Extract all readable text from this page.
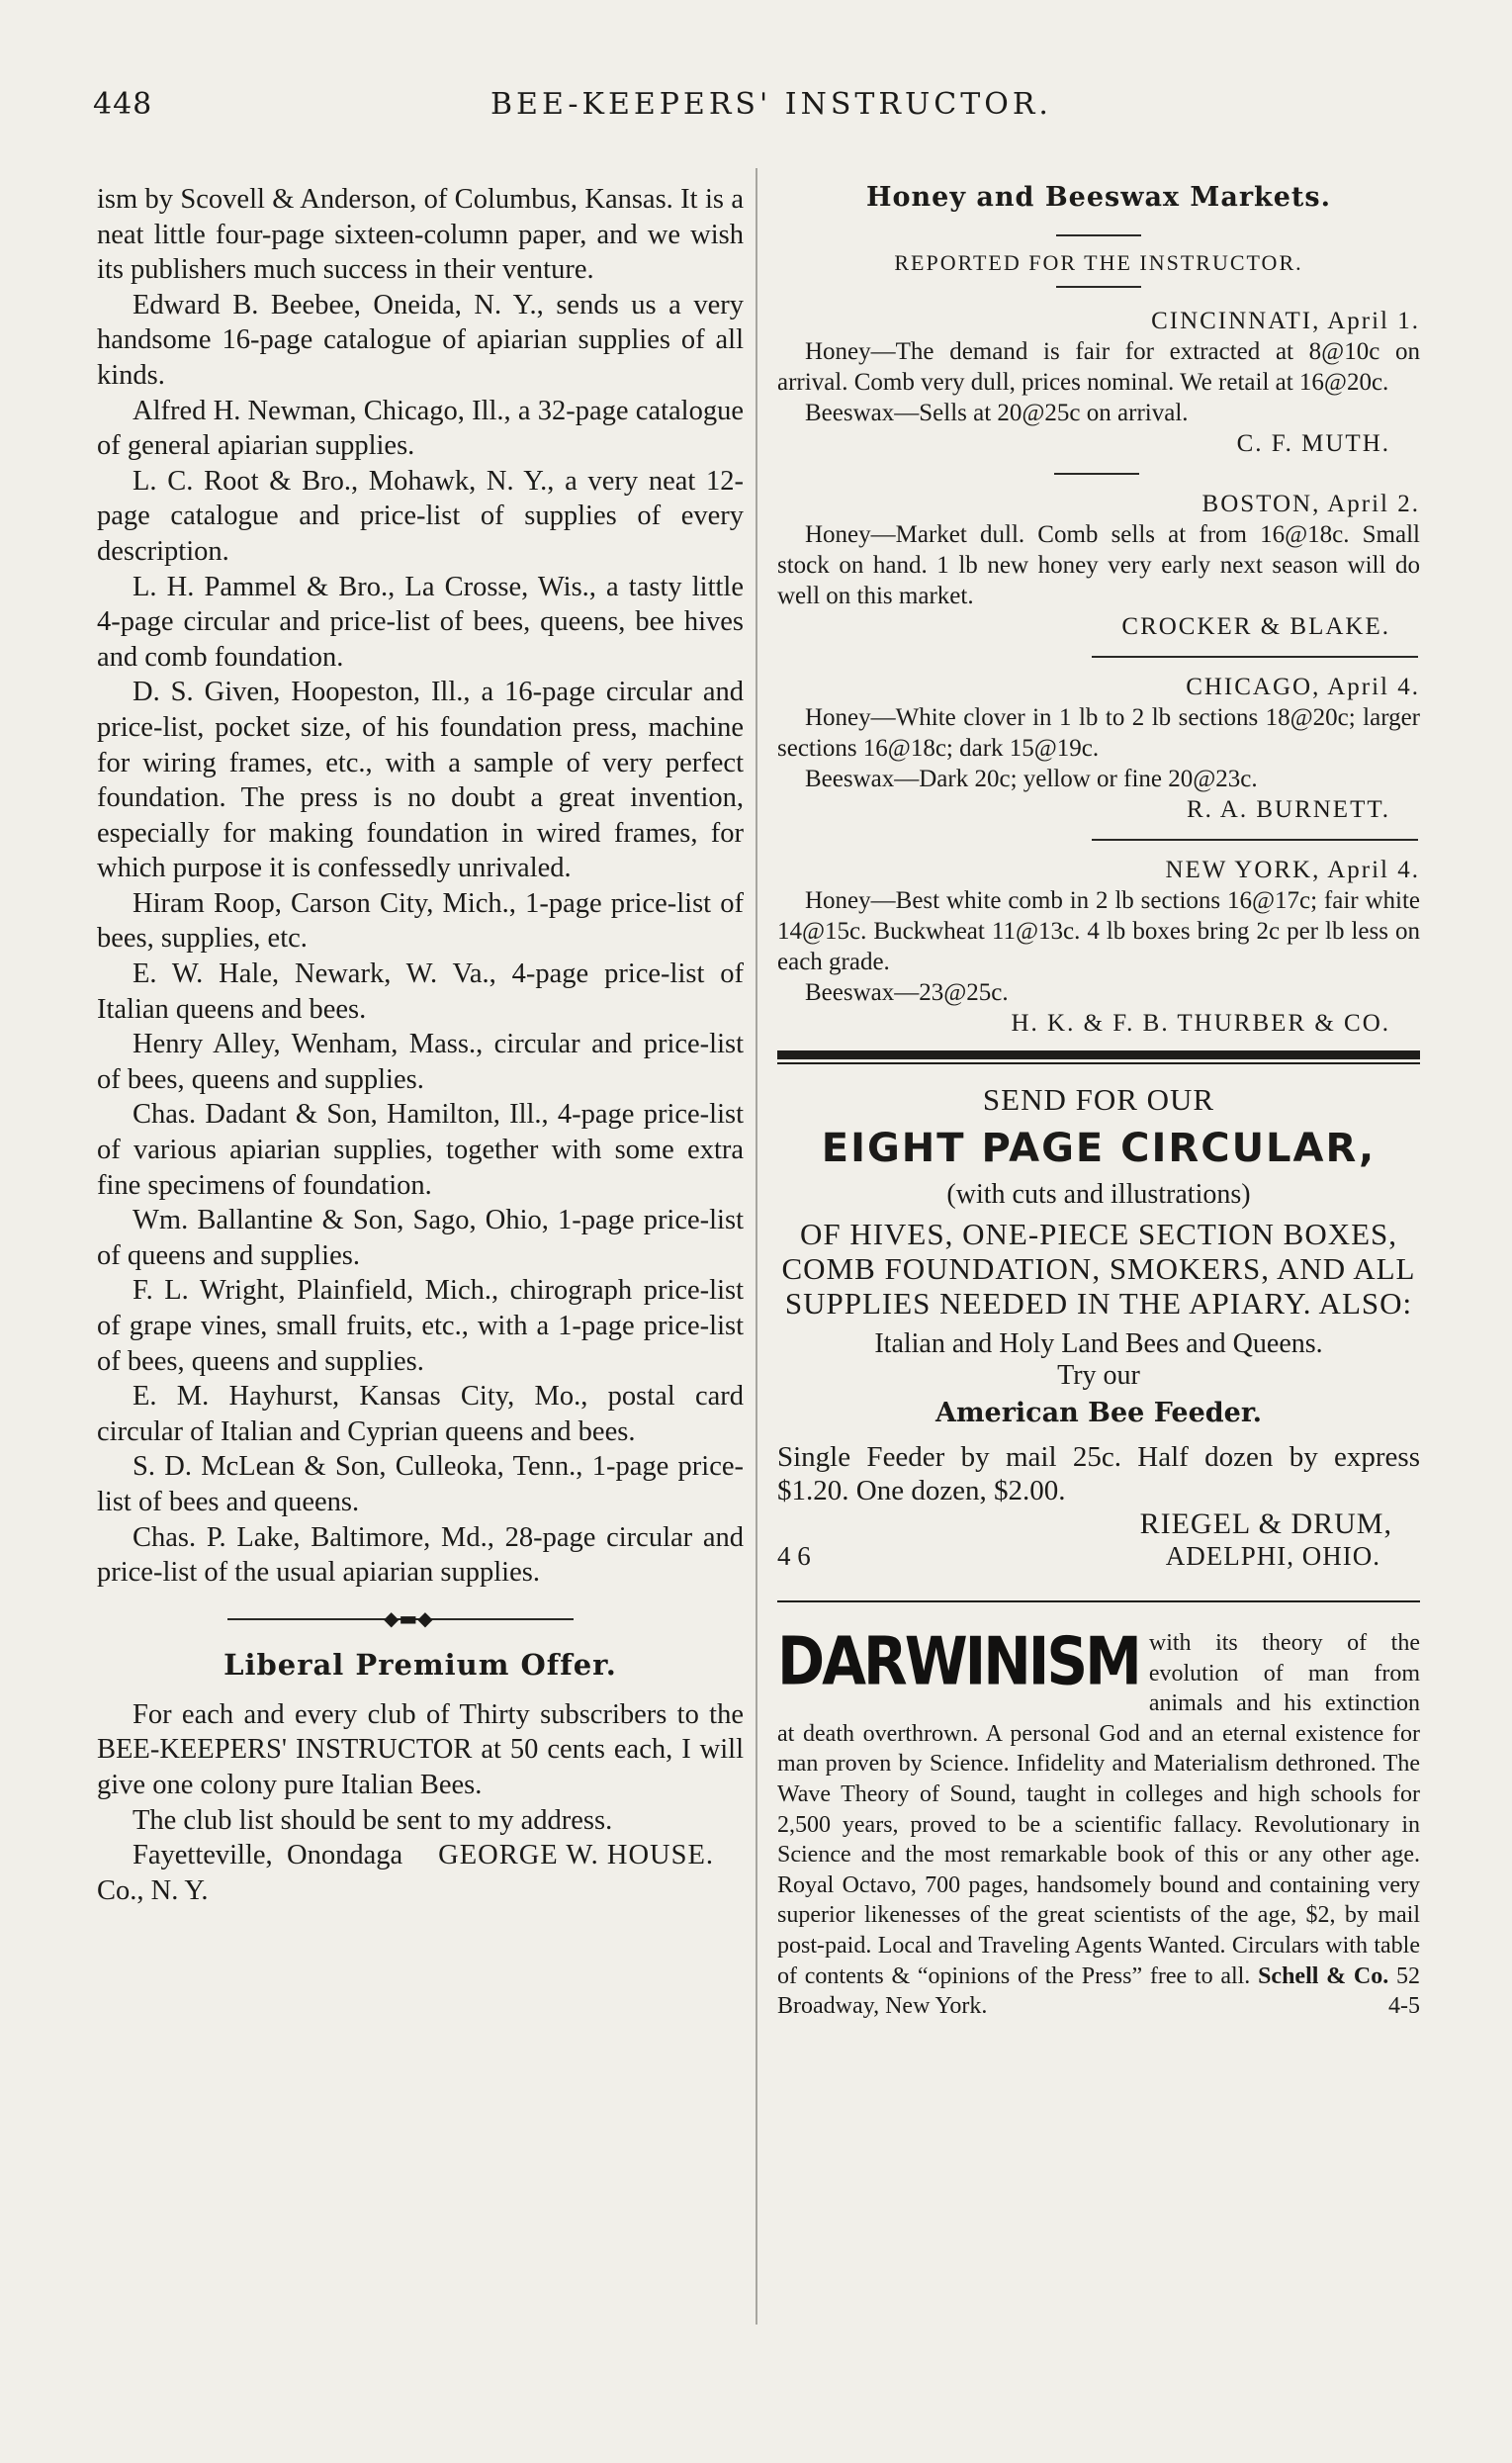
448	BEE-KEEPERS' INSTRUCTOR.

ism by Scovell & Anderson, of Columbus, Kansas. It is a neat little four-page sixteen-column paper, and we wish its publishers much success in their venture.

Edward B. Beebee, Oneida, N. Y., sends us a very handsome 16-page catalogue of apiarian supplies of all kinds.

Alfred H. Newman, Chicago, Ill., a 32-page catalogue of general apiarian supplies.

L. C. Root & Bro., Mohawk, N. Y., a very neat 12-page catalogue and price-list of supplies of every description.

L. H. Pammel & Bro., La Crosse, Wis., a tasty little 4-page circular and price-list of bees, queens, bee hives and comb foundation.

D. S. Given, Hoopeston, Ill., a 16-page circular and price-list, pocket size, of his foundation press, machine for wiring frames, etc., with a sample of very perfect foundation. The press is no doubt a great invention, especially for making foundation in wired frames, for which purpose it is confessedly unrivaled.

Hiram Roop, Carson City, Mich., 1-page price-list of bees, supplies, etc.

E. W. Hale, Newark, W. Va., 4-page price-list of Italian queens and bees.

Henry Alley, Wenham, Mass., circular and price-list of bees, queens and supplies.

Chas. Dadant & Son, Hamilton, Ill., 4-page price-list of various apiarian supplies, together with some extra fine specimens of foundation.

Wm. Ballantine & Son, Sago, Ohio, 1-page price-list of queens and supplies.

F. L. Wright, Plainfield, Mich., chirograph price-list of grape vines, small fruits, etc., with a 1-page price-list of bees, queens and supplies.

E. M. Hayhurst, Kansas City, Mo., postal card circular of Italian and Cyprian queens and bees.

S. D. McLean & Son, Culleoka, Tenn., 1-page price-list of bees and queens.

Chas. P. Lake, Baltimore, Md., 28-page circular and price-list of the usual apiarian supplies.

◆▬◆
Liberal Premium Offer.

For each and every club of Thirty subscribers to the BEE-KEEPERS' INSTRUCTOR at 50 cents each, I will give one colony pure Italian Bees.

The club list should be sent to my address.
GEORGE W. HOUSE.

Fayetteville, Onondaga Co., N. Y.

Honey and Beeswax Markets.
REPORTED FOR THE INSTRUCTOR.
CINCINNATI, April 1.

Honey—The demand is fair for extracted at 8@10c on arrival. Comb very dull, prices nominal. We retail at 16@20c.

Beeswax—Sells at 20@25c on arrival.

C. F. MUTH.
BOSTON, April 2.

Honey—Market dull. Comb sells at from 16@18c. Small stock on hand. 1 lb new honey very early next season will do well on this market.

CROCKER & BLAKE.
CHICAGO, April 4.

Honey—White clover in 1 lb to 2 lb sections 18@20c; larger sections 16@18c; dark 15@19c.

Beeswax—Dark 20c; yellow or fine 20@23c.

R. A. BURNETT.
NEW YORK, April 4.

Honey—Best white comb in 2 lb sections 16@17c; fair white 14@15c. Buckwheat 11@13c. 4 lb boxes bring 2c per lb less on each grade.

Beeswax—23@25c.

H. K. & F. B. THURBER & CO.
SEND FOR OUR
EIGHT PAGE CIRCULAR,
(with cuts and illustrations)
OF HIVES, ONE-PIECE SECTION BOXES, COMB FOUNDATION, SMOKERS, AND ALL SUPPLIES NEEDED IN THE APIARY. ALSO:
Italian and Holy Land Bees and Queens.
Try our
American Bee Feeder.
Single Feeder by mail 25c. Half dozen by express $1.20. One dozen, $2.00.
RIEGEL & DRUM,
4 6	ADELPHI, OHIO.
DARWINISM with its theory of the evolution of man from animals and his extinction at death overthrown. A personal God and an eternal existence for man proven by Science. Infidelity and Materialism dethroned. The Wave Theory of Sound, taught in colleges and high schools for 2,500 years, proved to be a scientific fallacy. Revolutionary in Science and the most remarkable book of this or any other age. Royal Octavo, 700 pages, handsomely bound and containing very superior likenesses of the great scientists of the age, $2, by mail post-paid. Local and Traveling Agents Wanted. Circulars with table of contents & “opinions of the Press” free to all. Schell & Co. 52 Broadway, New York.	4-5
